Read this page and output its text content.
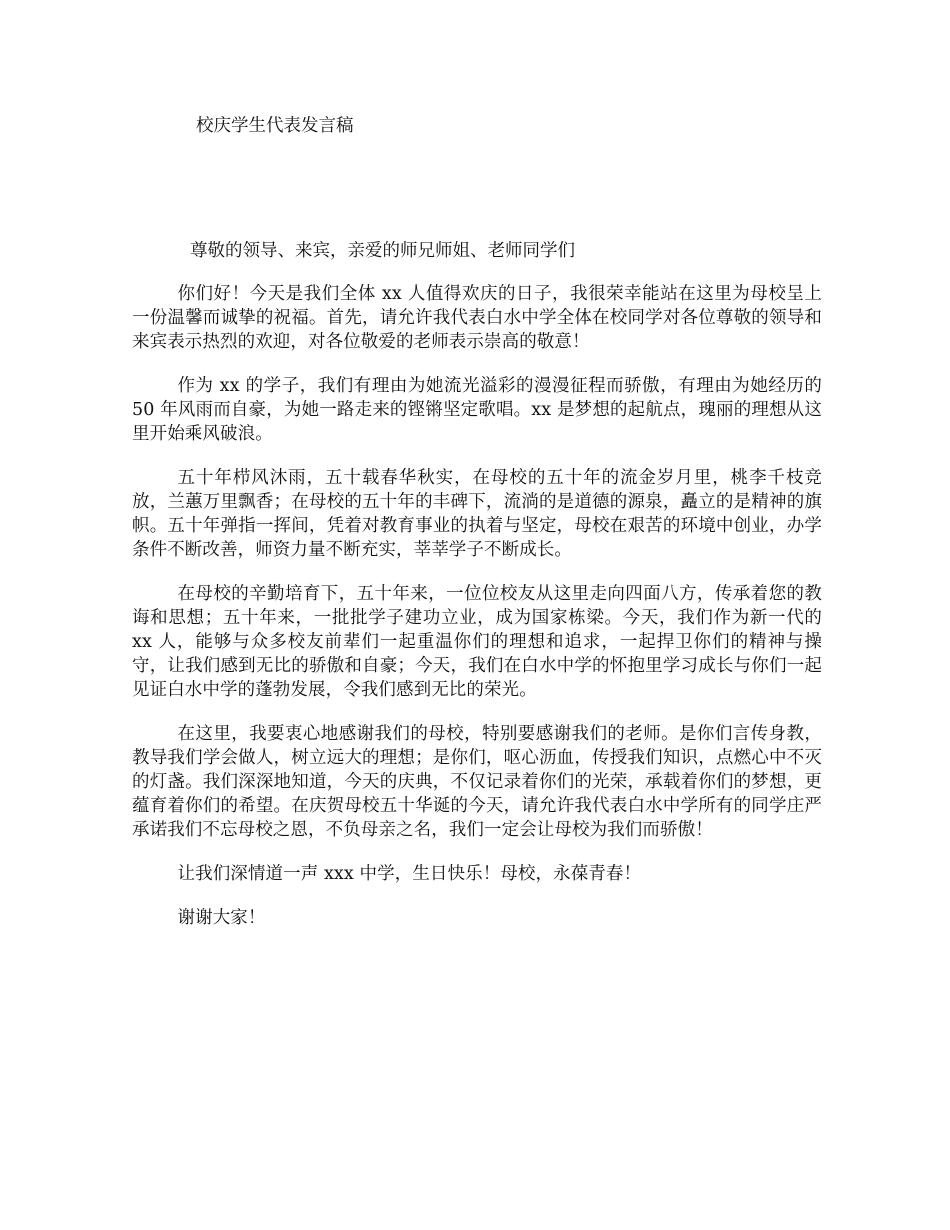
校庆学生代表发言稿
尊敬的领导、来宾，亲爱的师兄师姐、老师同学们

你们好！今天是我们全体 xx 人值得欢庆的日子，我很荣幸能站在这里为母校呈上一份温馨而诚挚的祝福。首先，请允许我代表白水中学全体在校同学对各位尊敬的领导和来宾表示热烈的欢迎，对各位敬爱的老师表示崇高的敬意！

作为 xx 的学子，我们有理由为她流光溢彩的漫漫征程而骄傲，有理由为她经历的 50 年风雨而自豪，为她一路走来的铿锵坚定歌唱。xx 是梦想的起航点，瑰丽的理想从这里开始乘风破浪。

五十年栉风沐雨，五十载春华秋实，在母校的五十年的流金岁月里，桃李千枝竞放，兰蕙万里飘香；在母校的五十年的丰碑下，流淌的是道德的源泉，矗立的是精神的旗帜。五十年弹指一挥间，凭着对教育事业的执着与坚定，母校在艰苦的环境中创业，办学条件不断改善，师资力量不断充实，莘莘学子不断成长。

在母校的辛勤培育下，五十年来，一位位校友从这里走向四面八方，传承着您的教诲和思想；五十年来，一批批学子建功立业，成为国家栋梁。今天，我们作为新一代的 xx 人，能够与众多校友前辈们一起重温你们的理想和追求，一起捍卫你们的精神与操守，让我们感到无比的骄傲和自豪；今天，我们在白水中学的怀抱里学习成长与你们一起见证白水中学的蓬勃发展，令我们感到无比的荣光。

在这里，我要衷心地感谢我们的母校，特别要感谢我们的老师。是你们言传身教，教导我们学会做人，树立远大的理想；是你们，呕心沥血，传授我们知识，点燃心中不灭的灯盏。我们深深地知道，今天的庆典，不仅记录着你们的光荣，承载着你们的梦想，更蕴育着你们的希望。在庆贺母校五十华诞的今天，请允许我代表白水中学所有的同学庄严承诺我们不忘母校之恩，不负母亲之名，我们一定会让母校为我们而骄傲！

让我们深情道一声 xxx 中学，生日快乐！母校，永葆青春！

谢谢大家！
